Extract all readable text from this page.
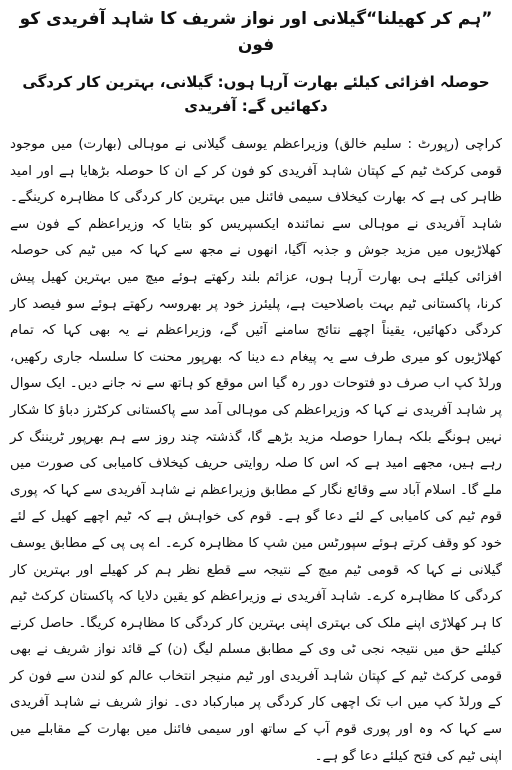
”ہم کر کھیلنا“گیلانی اور نواز شریف کا شاہد آفریدی کو فون
حوصلہ افزائی کیلئے بھارت آرہا ہوں: گیلانی، بہترین کار کردگی دکھائیں گے: آفریدی

کراچی (رپورٹ : سلیم خالق) وزیراعظم یوسف گیلانی نے موہالی (بھارت) میں موجود قومی کرکٹ ٹیم کے کپتان شاہد آفریدی کو فون کر کے ان کا حوصلہ بڑھایا ہے اور امید ظاہر کی ہے کہ بھارت کیخلاف سیمی فائنل میں بہترین کار کردگی کا مظاہرہ کرینگے۔ شاہد آفریدی نے موہالی سے نمائندہ ایکسپریس کو بتایا کہ وزیراعظم کے فون سے کھلاڑیوں میں مزید جوش و جذبہ آگیا، انھوں نے مجھ سے کہا کہ میں ٹیم کی حوصلہ افزائی کیلئے ہی بھارت آرہا ہوں، عزائم بلند رکھتے ہوئے میچ میں بہترین کھیل پیش کرنا، پاکستانی ٹیم بہت باصلاحیت ہے، پلیئرز خود پر بھروسہ رکھتے ہوئے سو فیصد کار کردگی دکھائیں، یقیناً اچھے نتائج سامنے آئیں گے، وزیراعظم نے یہ بھی کہا کہ تمام کھلاڑیوں کو میری طرف سے یہ پیغام دے دینا کہ بھرپور محنت کا سلسلہ جاری رکھیں، ورلڈ کپ اب صرف دو فتوحات دور رہ گیا اس موقع کو ہاتھ سے نہ جانے دیں۔ ایک سوال پر شاہد آفریدی نے کہا کہ وزیراعظم کی موہالی آمد سے پاکستانی کرکٹرز دباؤ کا شکار نہیں ہونگے بلکہ ہمارا حوصلہ مزید بڑھے گا، گذشتہ چند روز سے ہم بھرپور ٹریننگ کر رہے ہیں، مجھے امید ہے کہ اس کا صلہ روایتی حریف کیخلاف کامیابی کی صورت میں ملے گا۔ اسلام آباد سے وقائع نگار کے مطابق وزیراعظم نے شاہد آفریدی سے کہا کہ پوری قوم ٹیم کی کامیابی کے لئے دعا گو ہے۔ قوم کی خواہش ہے کہ ٹیم اچھے کھیل کے لئے خود کو وقف کرتے ہوئے سپورٹس مین شپ کا مظاہرہ کرے۔ اے پی پی کے مطابق یوسف گیلانی نے کہا کہ قومی ٹیم میچ کے نتیجہ سے قطع نظر ہم کر کھیلے اور بہترین کار کردگی کا مظاہرہ کرے۔ شاہد آفریدی نے وزیراعظم کو یقین دلایا کہ پاکستان کرکٹ ٹیم کا ہر کھلاڑی اپنے ملک کی بہتری اپنی بہترین کار کردگی کا مظاہرہ کریگا۔ حاصل کرنے کیلئے حق میں نتیجہ نجی ٹی وی کے مطابق مسلم لیگ (ن) کے قائد نواز شریف نے بھی قومی کرکٹ ٹیم کے کپتان شاہد آفریدی اور ٹیم منیجر انتخاب عالم کو لندن سے فون کر کے ورلڈ کپ میں اب تک اچھی کار کردگی پر مبارکباد دی۔ نواز شریف نے شاہد آفریدی سے کہا کہ وہ اور پوری قوم آپ کے ساتھ اور سیمی فائنل میں بھارت کے مقابلے میں اپنی ٹیم کی فتح کیلئے دعا گو ہے۔
